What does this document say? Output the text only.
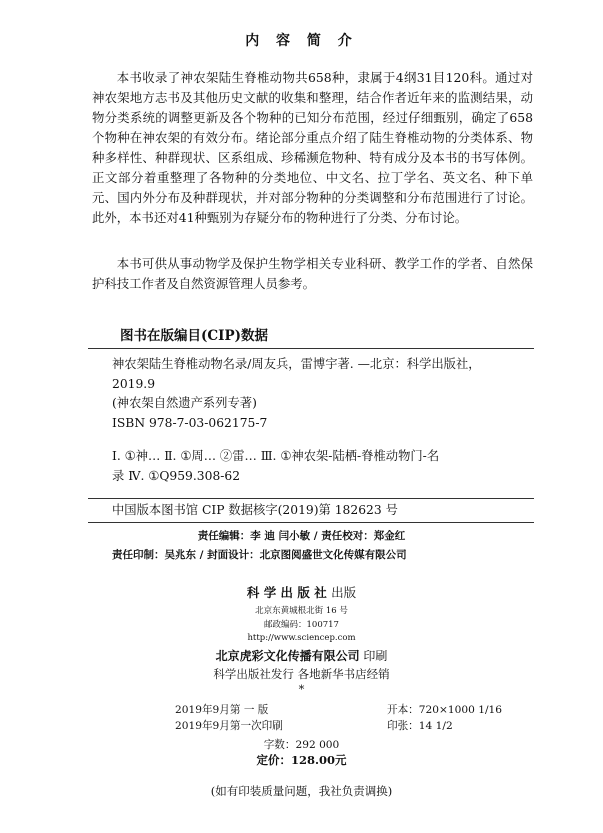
内 容 简 介

本书收录了神农架陆生脊椎动物共658种，隶属于4纲31目120科。通过对神农架地方志书及其他历史文献的收集和整理，结合作者近年来的监测结果，动物分类系统的调整更新及各个物种的已知分布范围，经过仔细甄别，确定了658个物种在神农架的有效分布。绪论部分重点介绍了陆生脊椎动物的分类体系、物种多样性、种群现状、区系组成、珍稀濒危物种、特有成分及本书的书写体例。正文部分着重整理了各物种的分类地位、中文名、拉丁学名、英文名、种下单元、国内外分布及种群现状，并对部分物种的分类调整和分布范围进行了讨论。此外，本书还对41种甄别为存疑分布的物种进行了分类、分布讨论。

本书可供从事动物学及保护生物学相关专业科研、教学工作的学者、自然保护科技工作者及自然资源管理人员参考。

图书在版编目(CIP)数据
神农架陆生脊椎动物名录/周友兵，雷博宇著. —北京：科学出版社，
2019.9
(神农架自然遗产系列专著)
ISBN 978-7-03-062175-7
Ⅰ. ①神… Ⅱ. ①周… ②雷… Ⅲ. ①神农架-陆栖-脊椎动物门-名
录 Ⅳ. ①Q959.308-62
中国版本图书馆 CIP 数据核字(2019)第 182623 号
责任编辑：李 迪 闫小敏 / 责任校对：郑金红
责任印制：吴兆东 / 封面设计：北京图阅盛世文化传媒有限公司
科 学 出 版 社 出版
北京东黄城根北街 16 号
邮政编码：100717
http://www.sciencep.com
北京虎彩文化传播有限公司 印刷
科学出版社发行 各地新华书店经销
*
2019年9月第 一 版	开本：720×1000 1/16
2019年9月第一次印刷	印张：14 1/2
字数：292 000
定价：128.00元
(如有印装质量问题，我社负责调换)
